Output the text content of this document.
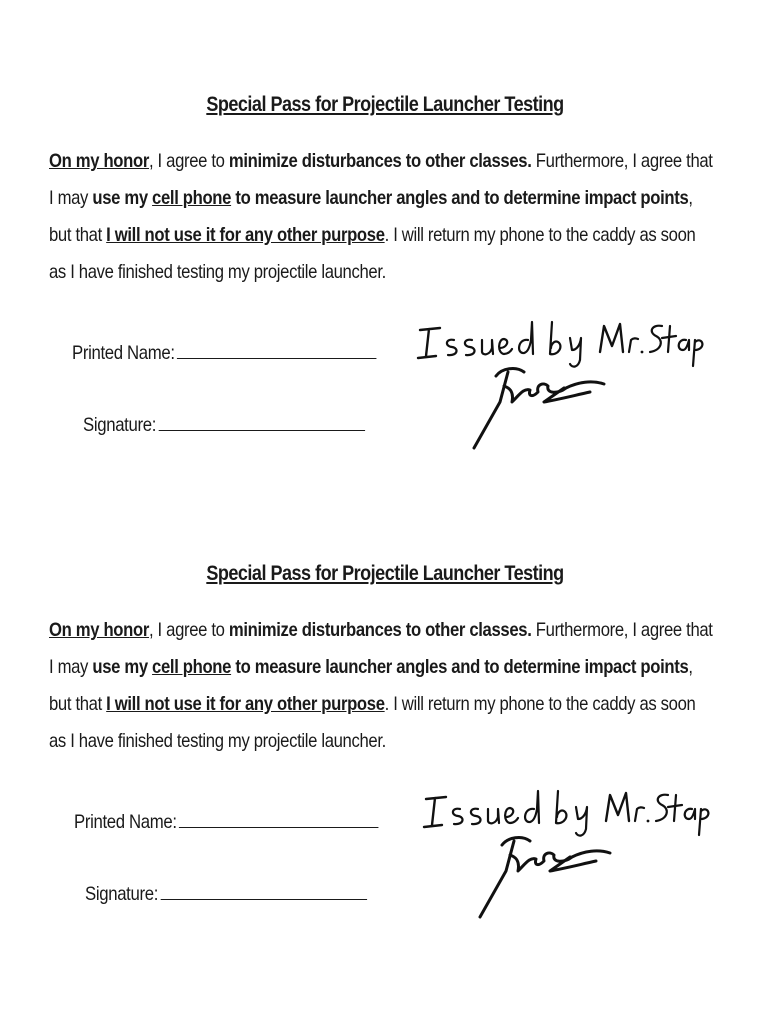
Special Pass for Projectile Launcher Testing

On my honor, I agree to minimize disturbances to other classes. Furthermore, I agree that I may use my cell phone to measure launcher angles and to determine impact points, but that I will not use it for any other purpose. I will return my phone to the caddy as soon as I have finished testing my projectile launcher.

Printed Name:
Signature:
Special Pass for Projectile Launcher Testing

On my honor, I agree to minimize disturbances to other classes. Furthermore, I agree that I may use my cell phone to measure launcher angles and to determine impact points, but that I will not use it for any other purpose. I will return my phone to the caddy as soon as I have finished testing my projectile launcher.

Printed Name:
Signature:
